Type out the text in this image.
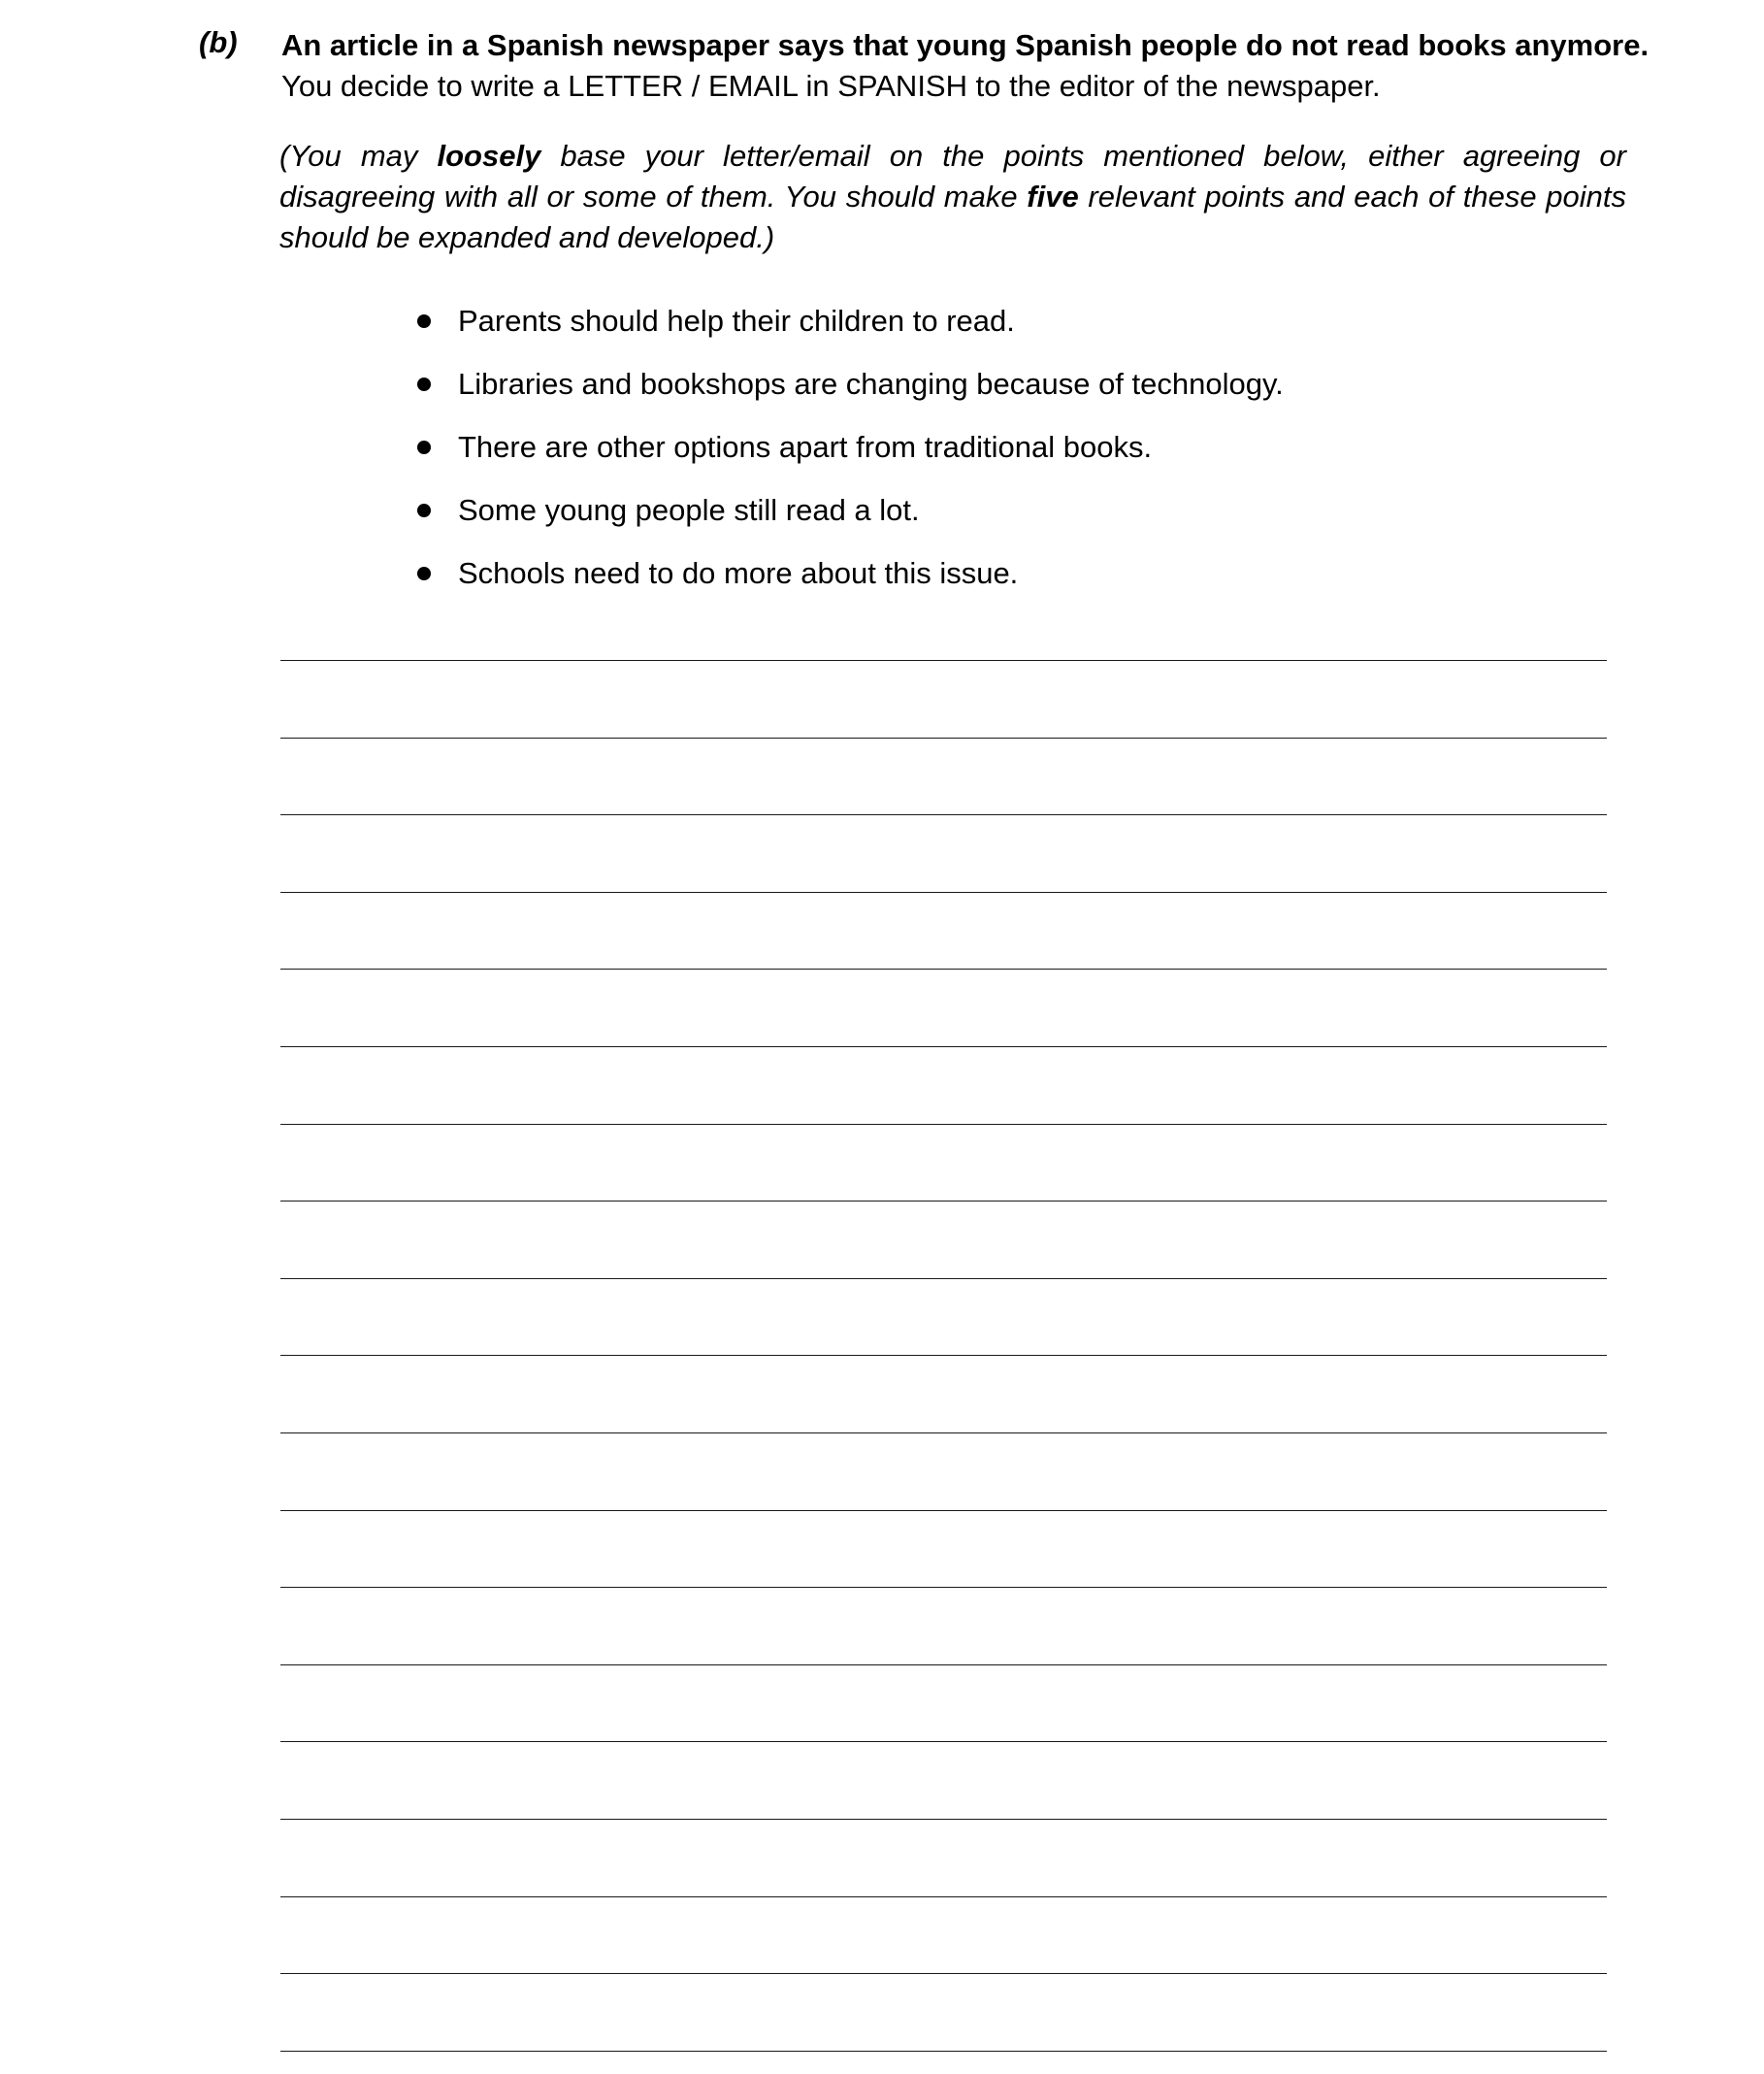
(b) An article in a Spanish newspaper says that young Spanish people do not read books anymore.
You decide to write a LETTER / EMAIL in SPANISH to the editor of the newspaper.
(You may loosely base your letter/email on the points mentioned below, either agreeing or disagreeing with all or some of them. You should make five relevant points and each of these points should be expanded and developed.)
Parents should help their children to read.
Libraries and bookshops are changing because of technology.
There are other options apart from traditional books.
Some young people still read a lot.
Schools need to do more about this issue.
